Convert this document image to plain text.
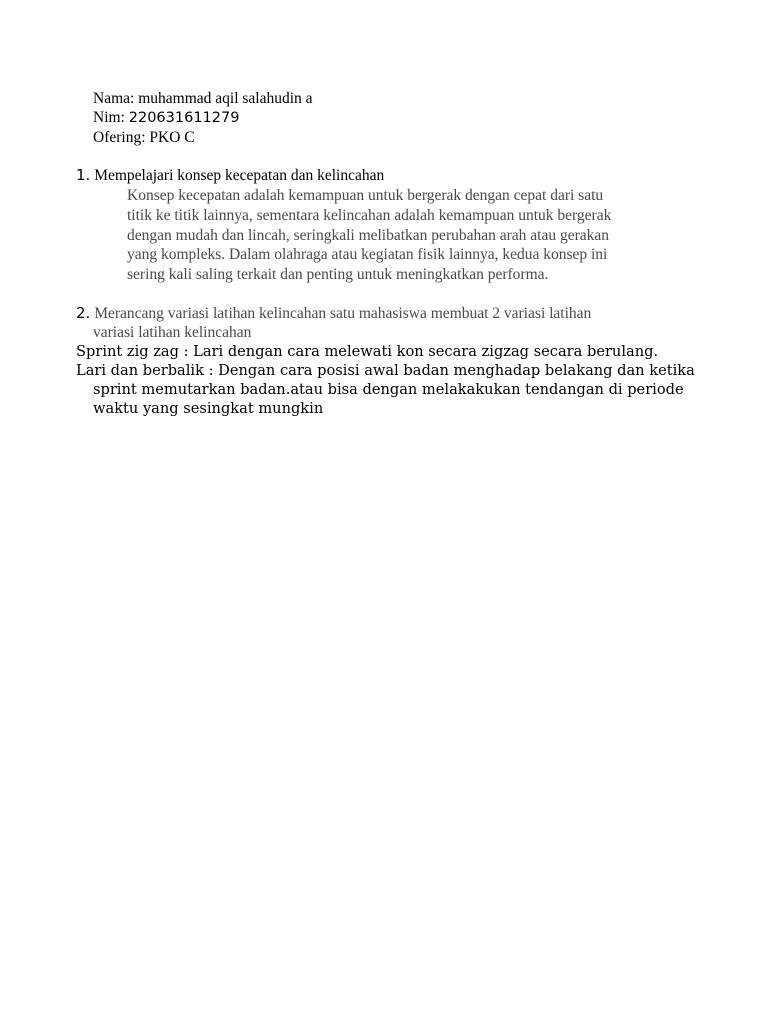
Nama: muhammad aqil salahudin a
Nim: 220631611279
Ofering: PKO C
1. Mempelajari konsep kecepatan dan kelincahan
Konsep kecepatan adalah kemampuan untuk bergerak dengan cepat dari satu
titik ke titik lainnya, sementara kelincahan adalah kemampuan untuk bergerak
dengan mudah dan lincah, seringkali melibatkan perubahan arah atau gerakan
yang kompleks. Dalam olahraga atau kegiatan fisik lainnya, kedua konsep ini
sering kali saling terkait dan penting untuk meningkatkan performa.
2. Merancang variasi latihan kelincahan satu mahasiswa membuat 2 variasi latihan
variasi latihan kelincahan
Sprint zig zag : Lari dengan cara melewati kon secara zigzag secara berulang.
Lari dan berbalik : Dengan cara posisi awal badan menghadap belakang dan ketika
sprint memutarkan badan.atau bisa dengan melakakukan tendangan di periode
waktu yang sesingkat mungkin
